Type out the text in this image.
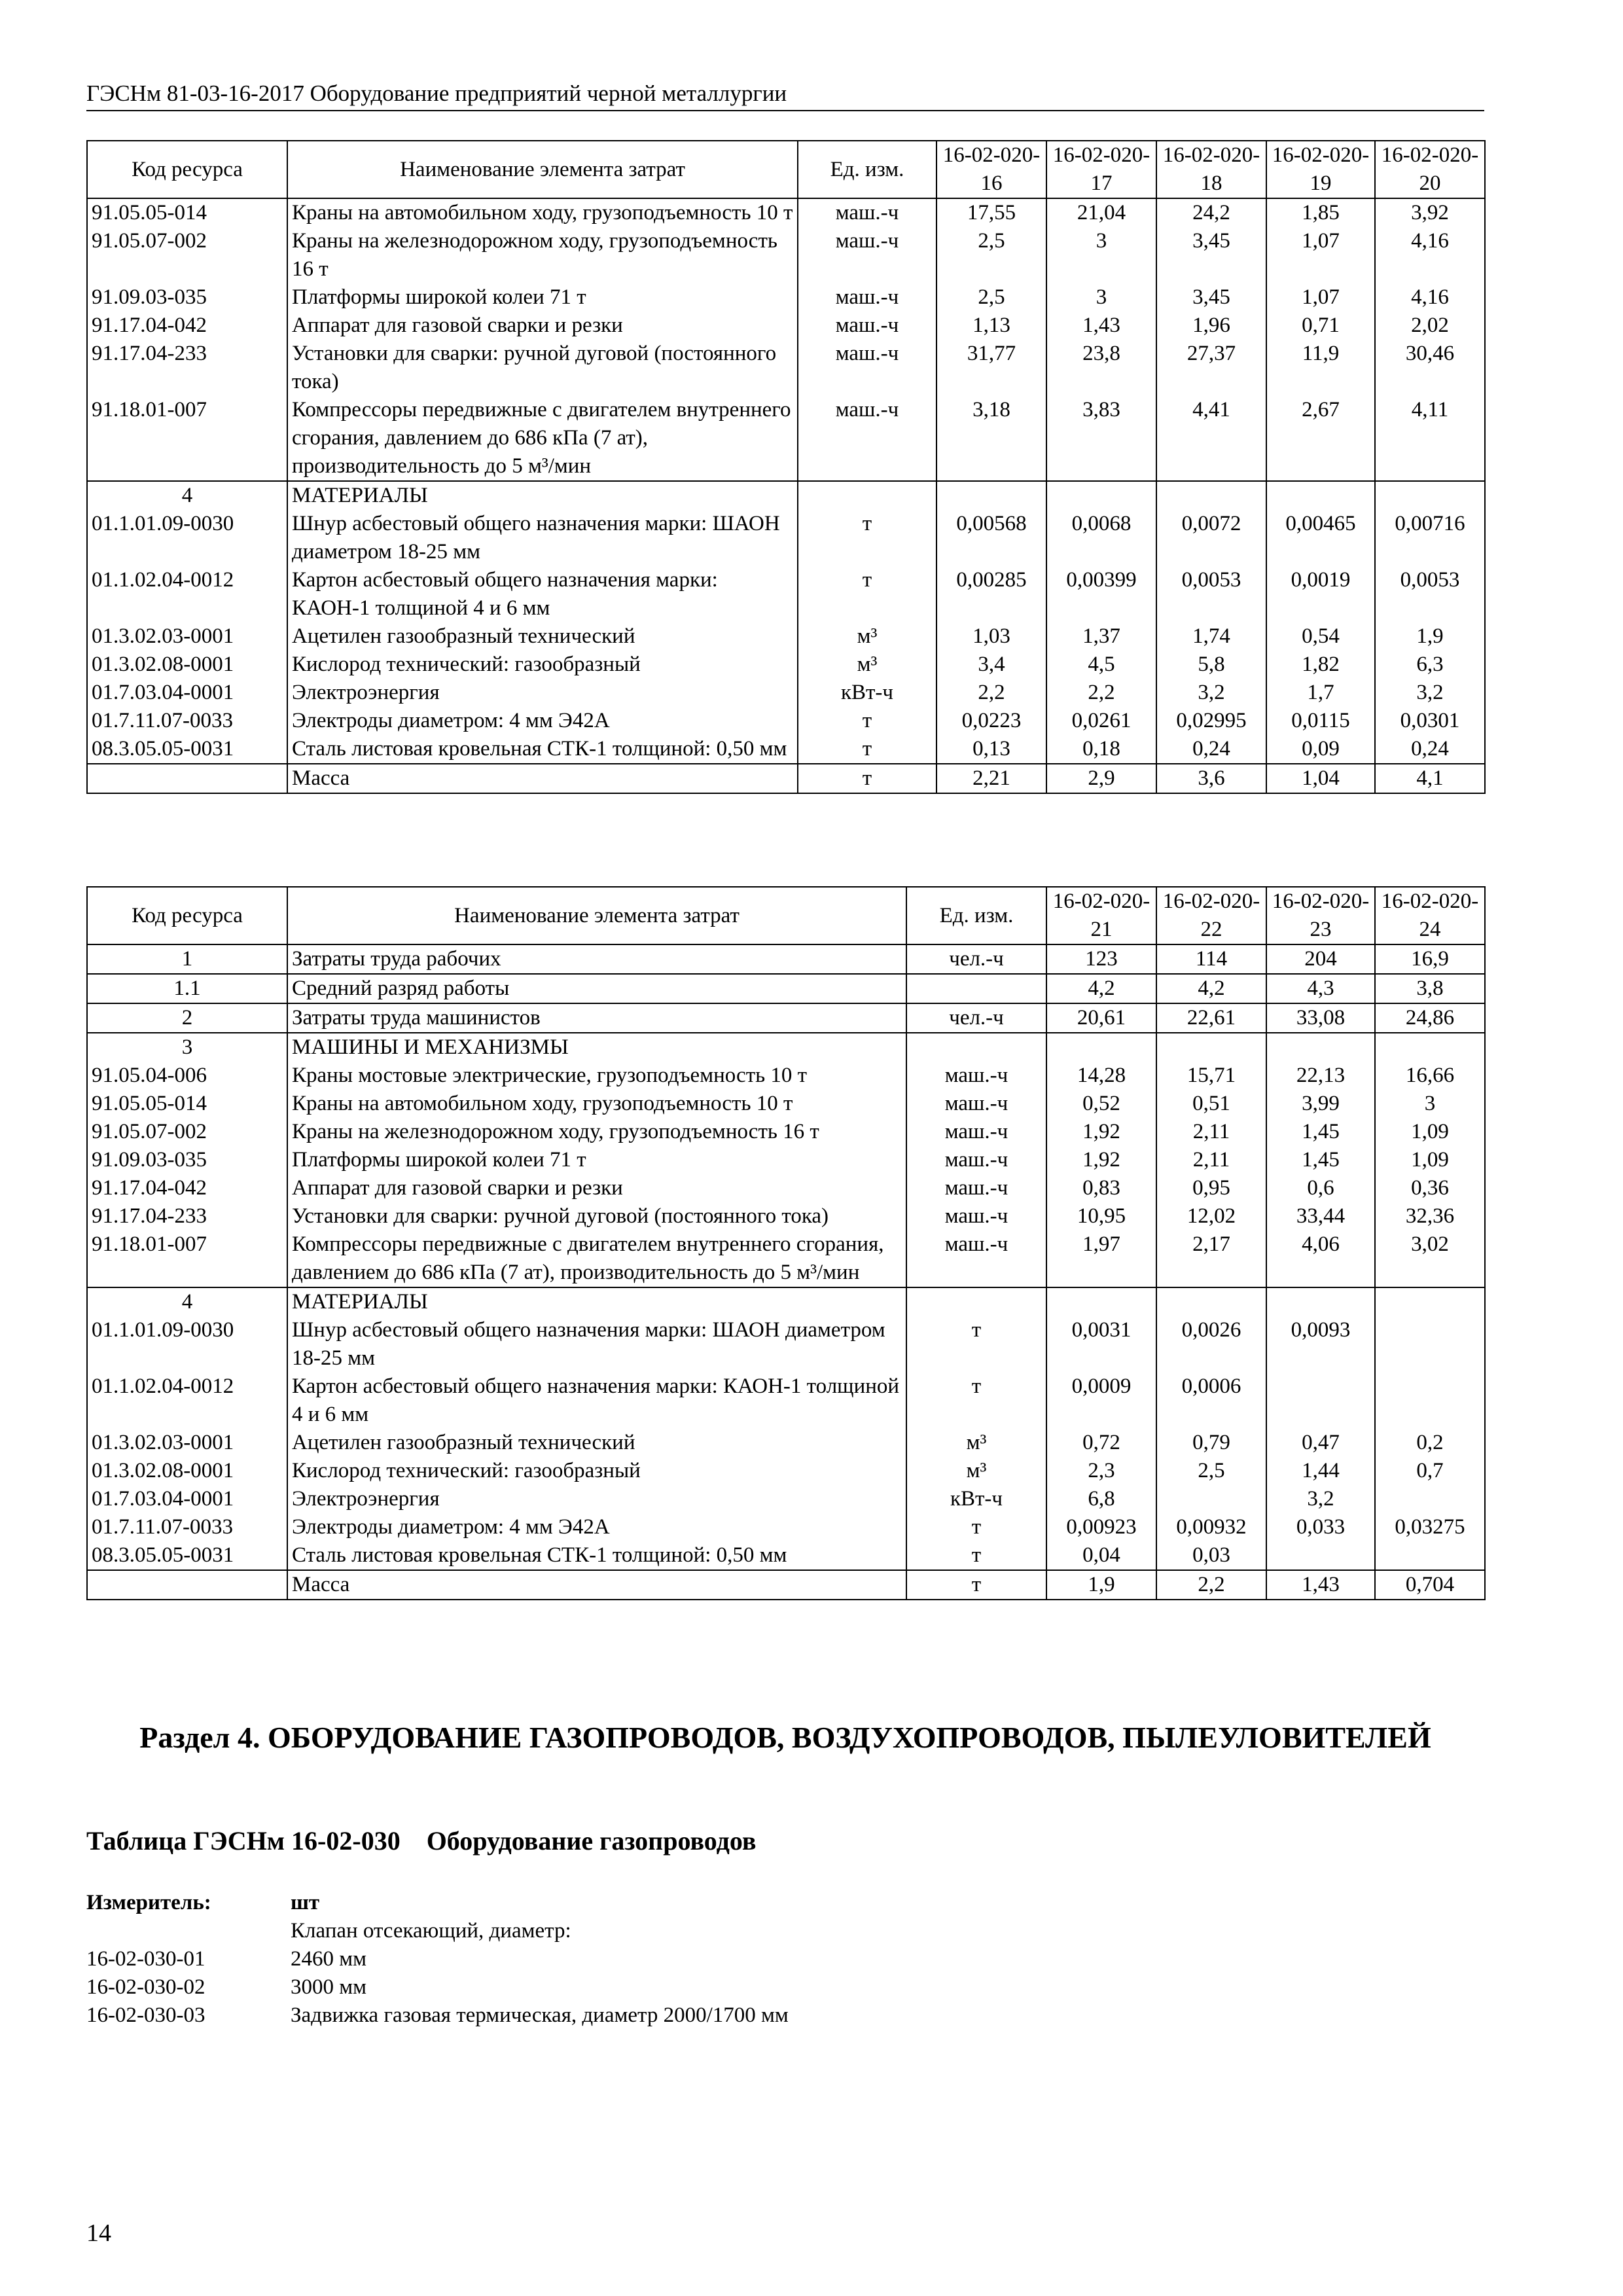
ГЭСНм 81-03-16-2017 Оборудование предприятий черной металлургии
Код ресурса	Наименование элемента затрат	Ед. изм.	16-02-020-16	16-02-020-17	16-02-020-18	16-02-020-19	16-02-020-20
91.05.05-014	Краны на автомобильном ходу, грузоподъемность 10 т	маш.-ч	17,55	21,04	24,2	1,85	3,92
91.05.07-002	Краны на железнодорожном ходу, грузоподъемность 16 т	маш.-ч	2,5	3	3,45	1,07	4,16
91.09.03-035	Платформы широкой колеи 71 т	маш.-ч	2,5	3	3,45	1,07	4,16
91.17.04-042	Аппарат для газовой сварки и резки	маш.-ч	1,13	1,43	1,96	0,71	2,02
91.17.04-233	Установки для сварки: ручной дуговой (постоянного тока)	маш.-ч	31,77	23,8	27,37	11,9	30,46
91.18.01-007	Компрессоры передвижные с двигателем внутреннего сгорания, давлением до 686 кПа (7 ат), производительность до 5 м³/мин	маш.-ч	3,18	3,83	4,41	2,67	4,11
4	МАТЕРИАЛЫ						
01.1.01.09-0030	Шнур асбестовый общего назначения марки: ШАОН диаметром 18-25 мм	т	0,00568	0,0068	0,0072	0,00465	0,00716
01.1.02.04-0012	Картон асбестовый общего назначения марки: КАОН-1 толщиной 4 и 6 мм	т	0,00285	0,00399	0,0053	0,0019	0,0053
01.3.02.03-0001	Ацетилен газообразный технический	м³	1,03	1,37	1,74	0,54	1,9
01.3.02.08-0001	Кислород технический: газообразный	м³	3,4	4,5	5,8	1,82	6,3
01.7.03.04-0001	Электроэнергия	кВт-ч	2,2	2,2	3,2	1,7	3,2
01.7.11.07-0033	Электроды диаметром: 4 мм Э42А	т	0,0223	0,0261	0,02995	0,0115	0,0301
08.3.05.05-0031	Сталь листовая кровельная СТК-1 толщиной: 0,50 мм	т	0,13	0,18	0,24	0,09	0,24
	Масса	т	2,21	2,9	3,6	1,04	4,1
Код ресурса	Наименование элемента затрат	Ед. изм.	16-02-020-21	16-02-020-22	16-02-020-23	16-02-020-24
1	Затраты труда рабочих	чел.-ч	123	114	204	16,9
1.1	Средний разряд работы		4,2	4,2	4,3	3,8
2	Затраты труда машинистов	чел.-ч	20,61	22,61	33,08	24,86
3	МАШИНЫ И МЕХАНИЗМЫ					
91.05.04-006	Краны мостовые электрические, грузоподъемность 10 т	маш.-ч	14,28	15,71	22,13	16,66
91.05.05-014	Краны на автомобильном ходу, грузоподъемность 10 т	маш.-ч	0,52	0,51	3,99	3
91.05.07-002	Краны на железнодорожном ходу, грузоподъемность 16 т	маш.-ч	1,92	2,11	1,45	1,09
91.09.03-035	Платформы широкой колеи 71 т	маш.-ч	1,92	2,11	1,45	1,09
91.17.04-042	Аппарат для газовой сварки и резки	маш.-ч	0,83	0,95	0,6	0,36
91.17.04-233	Установки для сварки: ручной дуговой (постоянного тока)	маш.-ч	10,95	12,02	33,44	32,36
91.18.01-007	Компрессоры передвижные с двигателем внутреннего сгорания, давлением до 686 кПа (7 ат), производительность до 5 м³/мин	маш.-ч	1,97	2,17	4,06	3,02
4	МАТЕРИАЛЫ					
01.1.01.09-0030	Шнур асбестовый общего назначения марки: ШАОН диаметром 18-25 мм	т	0,0031	0,0026	0,0093	
01.1.02.04-0012	Картон асбестовый общего назначения марки: КАОН-1 толщиной 4 и 6 мм	т	0,0009	0,0006		
01.3.02.03-0001	Ацетилен газообразный технический	м³	0,72	0,79	0,47	0,2
01.3.02.08-0001	Кислород технический: газообразный	м³	2,3	2,5	1,44	0,7
01.7.03.04-0001	Электроэнергия	кВт-ч	6,8		3,2	
01.7.11.07-0033	Электроды диаметром: 4 мм Э42А	т	0,00923	0,00932	0,033	0,03275
08.3.05.05-0031	Сталь листовая кровельная СТК-1 толщиной: 0,50 мм	т	0,04	0,03		
	Масса	т	1,9	2,2	1,43	0,704
Раздел 4. ОБОРУДОВАНИЕ ГАЗОПРОВОДОВ, ВОЗДУХОПРОВОДОВ, ПЫЛЕУЛОВИТЕЛЕЙ
Таблица ГЭСНм 16-02-030 Оборудование газопроводов
Измеритель:	шт
Клапан отсекающий, диаметр:
16-02-030-01	2460 мм
16-02-030-02	3000 мм
16-02-030-03	Задвижка газовая термическая, диаметр 2000/1700 мм
14
